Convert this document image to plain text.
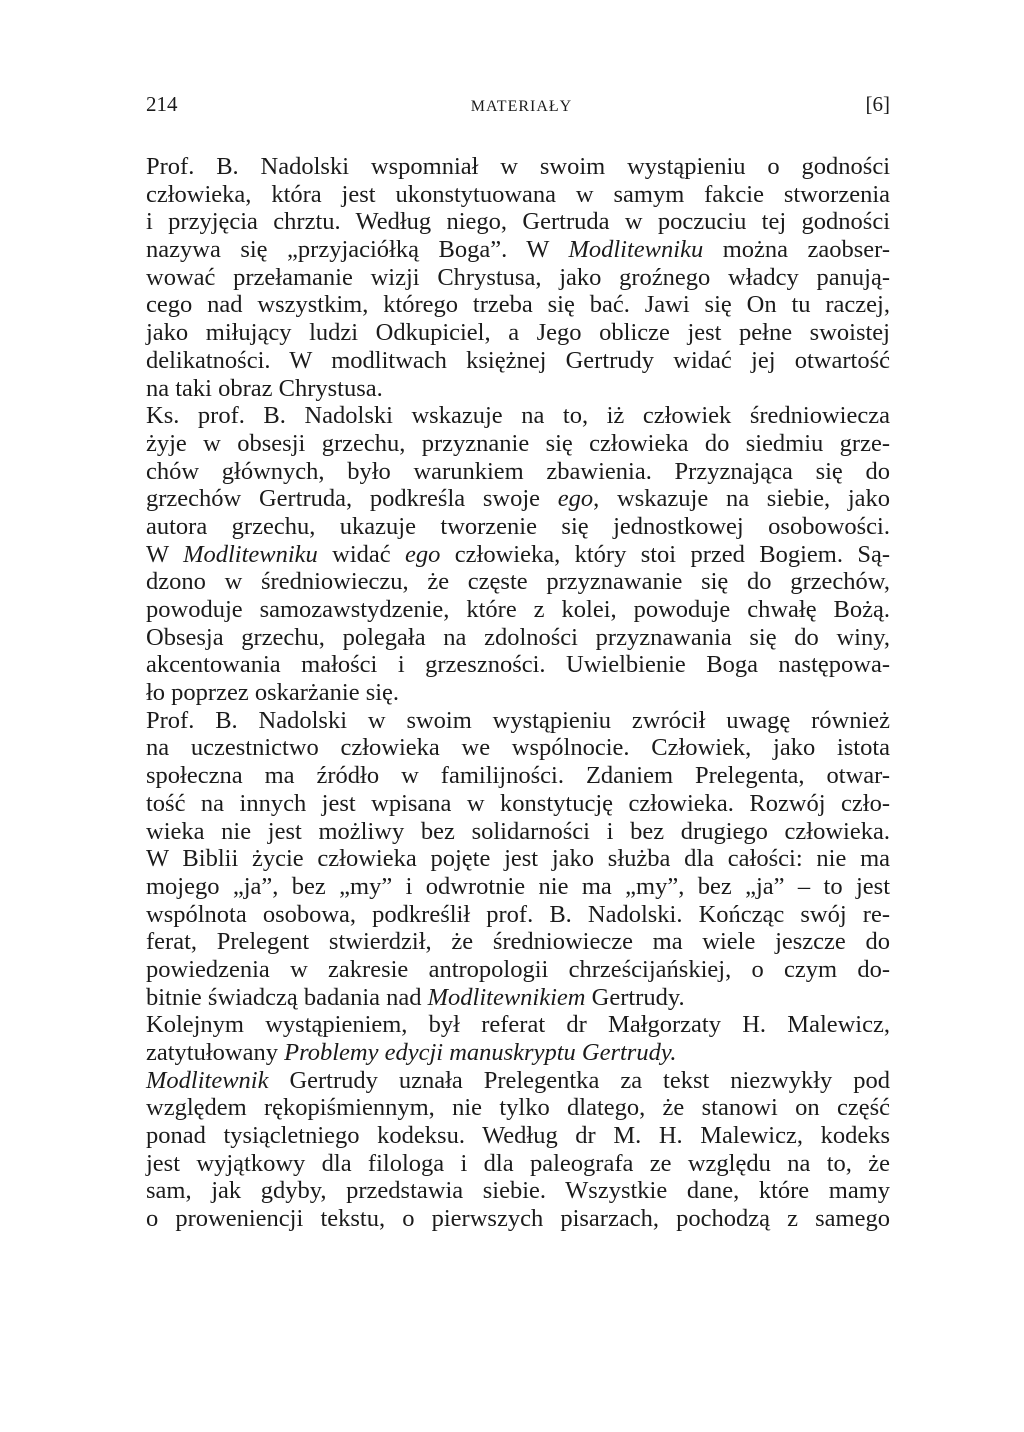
214	MATERIAŁY	[6]
Prof. B. Nadolski wspomniał w swoim wystąpieniu o godności
człowieka, która jest ukonstytuowana w samym fakcie stworzenia
i przyjęcia chrztu. Według niego, Gertruda w poczuciu tej godności
nazywa się „przyjaciółką Boga”. W Modlitewniku można zaobser-
wować przełamanie wizji Chrystusa, jako groźnego władcy panują-
cego nad wszystkim, którego trzeba się bać. Jawi się On tu raczej,
jako miłujący ludzi Odkupiciel, a Jego oblicze jest pełne swoistej
delikatności. W modlitwach księżnej Gertrudy widać jej otwartość
na taki obraz Chrystusa.
Ks. prof. B. Nadolski wskazuje na to, iż człowiek średniowiecza
żyje w obsesji grzechu, przyznanie się człowieka do siedmiu grze-
chów głównych, było warunkiem zbawienia. Przyznająca się do
grzechów Gertruda, podkreśla swoje ego, wskazuje na siebie, jako
autora grzechu, ukazuje tworzenie się jednostkowej osobowości.
W Modlitewniku widać ego człowieka, który stoi przed Bogiem. Są-
dzono w średniowieczu, że częste przyznawanie się do grzechów,
powoduje samozawstydzenie, które z kolei, powoduje chwałę Bożą.
Obsesja grzechu, polegała na zdolności przyznawania się do winy,
akcentowania małości i grzeszności. Uwielbienie Boga następowa-
ło poprzez oskarżanie się.
Prof. B. Nadolski w swoim wystąpieniu zwrócił uwagę również
na uczestnictwo człowieka we wspólnocie. Człowiek, jako istota
społeczna ma źródło w familijności. Zdaniem Prelegenta, otwar-
tość na innych jest wpisana w konstytucję człowieka. Rozwój czło-
wieka nie jest możliwy bez solidarności i bez drugiego człowieka.
W Biblii życie człowieka pojęte jest jako służba dla całości: nie ma
mojego „ja”, bez „my” i odwrotnie nie ma „my”, bez „ja” – to jest
wspólnota osobowa, podkreślił prof. B. Nadolski. Kończąc swój re-
ferat, Prelegent stwierdził, że średniowiecze ma wiele jeszcze do
powiedzenia w zakresie antropologii chrześcijańskiej, o czym do-
bitnie świadczą badania nad Modlitewnikiem Gertrudy.
Kolejnym wystąpieniem, był referat dr Małgorzaty H. Malewicz,
zatytułowany Problemy edycji manuskryptu Gertrudy.
Modlitewnik Gertrudy uznała Prelegentka za tekst niezwykły pod
względem rękopiśmiennym, nie tylko dlatego, że stanowi on część
ponad tysiącletniego kodeksu. Według dr M. H. Malewicz, kodeks
jest wyjątkowy dla filologa i dla paleografa ze względu na to, że
sam, jak gdyby, przedstawia siebie. Wszystkie dane, które mamy
o proweniencji tekstu, o pierwszych pisarzach, pochodzą z samego
